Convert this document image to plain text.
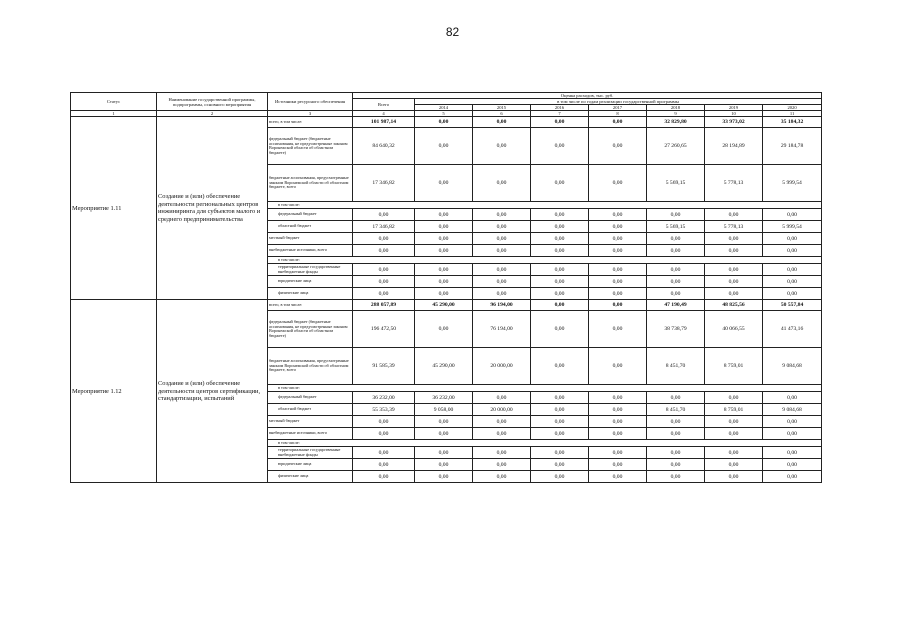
82
Статус	Наименование государственной программы, подпрограммы, основного мероприятия	Источники ресурсного обеспечения	Оценка расходов, тыс. руб.							
			Всего	в том числе по годам реализации государственной программы						
				2014	2015	2016	2017	2018	2019	2020
1	2	3	4	5	6	7	8	9	10	11
Мероприятие 1.11	Создание и (или) обеспечение деятельности региональных центров инжиниринга для субъектов малого и среднего предпринимательства	всего, в том числе:	101 987,14	0,00	0,00	0,00	0,00	32 829,80	33 973,02	35 184,32
		федеральный бюджет (бюджетные ассигнования, не предусмотренные законом Воронежской области об областном бюджете)	84 640,32	0,00	0,00	0,00	0,00	27 260,65	28 194,89	29 184,78
		бюджетные ассигнования, предусмотренные законом Воронежской области об областном бюджете, всего	17 346,82	0,00	0,00	0,00	0,00	5 569,15	5 778,13	5 999,54
		в том числе:								
		федеральный бюджет	0,00	0,00	0,00	0,00	0,00	0,00	0,00	0,00
		областной бюджет	17 346,82	0,00	0,00	0,00	0,00	5 569,15	5 778,13	5 999,54
		местный бюджет	0,00	0,00	0,00	0,00	0,00	0,00	0,00	0,00
		внебюджетные источники, всего	0,00	0,00	0,00	0,00	0,00	0,00	0,00	0,00
		в том числе:								
		территориальные государственные внебюджетные фонды	0,00	0,00	0,00	0,00	0,00	0,00	0,00	0,00
		юридические лица	0,00	0,00	0,00	0,00	0,00	0,00	0,00	0,00
		физические лица	0,00	0,00	0,00	0,00	0,00	0,00	0,00	0,00
Мероприятие 1.12	Создание и (или) обеспечение деятельности центров сертификации, стандартизации, испытаний	всего, в том числе:	288 057,89	45 290,00	96 194,00	0,00	0,00	47 190,49	48 825,56	50 557,84
		федеральный бюджет (бюджетные ассигнования, не предусмотренные законом Воронежской области об областном бюджете)	196 472,50	0,00	76 194,00	0,00	0,00	38 738,79	40 066,55	41 473,16
		бюджетные ассигнования, предусмотренные законом Воронежской области об областном бюджете, всего	91 585,39	45 290,00	20 000,00	0,00	0,00	8 451,70	8 759,01	9 084,68
		в том числе:								
		федеральный бюджет	36 232,00	36 232,00	0,00	0,00	0,00	0,00	0,00	0,00
		областной бюджет	55 353,39	9 058,00	20 000,00	0,00	0,00	8 451,70	8 759,01	9 084,68
		местный бюджет	0,00	0,00	0,00	0,00	0,00	0,00	0,00	0,00
		внебюджетные источники, всего	0,00	0,00	0,00	0,00	0,00	0,00	0,00	0,00
		в том числе:								
		территориальные государственные внебюджетные фонды	0,00	0,00	0,00	0,00	0,00	0,00	0,00	0,00
		юридические лица	0,00	0,00	0,00	0,00	0,00	0,00	0,00	0,00
		физические лица	0,00	0,00	0,00	0,00	0,00	0,00	0,00	0,00
